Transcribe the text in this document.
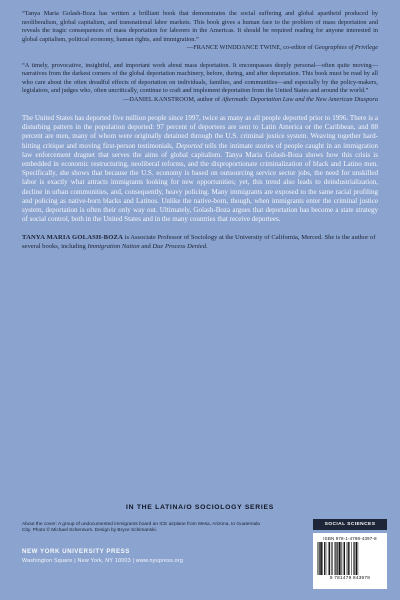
“Tanya Maria Golash-Boza has written a brilliant book that demonstrates the social suffering and global apartheid produced by neoliberalism, global capitalism, and transnational labor markets. This book gives a human face to the problem of mass deportation and reveals the tragic consequences of mass deportation for laborers in the Americas. It should be required reading for anyone interested in global capitalism, political economy, human rights, and immigration.”

—FRANCE WINDDANCE TWINE, co-editor of Geographies of Privilege

“A timely, provocative, insightful, and important work about mass deportation. It encompasses deeply personal—often quite moving—narratives from the darkest corners of the global deportation machinery, before, during, and after deportation. This book must be read by all who care about the often dreadful effects of deportation on individuals, families, and communities—and especially by the policy-makers, legislators, and judges who, often uncritically, continue to craft and implement deportation from the United States and around the world.”

—DANIEL KANSTROOM, author of Aftermath: Deportation Law and the New American Diaspora

The United States has deported five million people since 1997, twice as many as all people deported prior to 1996. There is a disturbing pattern in the population deported: 97 percent of deportees are sent to Latin America or the Caribbean, and 88 percent are men, many of whom were originally detained through the U.S. criminal justice system. Weaving together hard-hitting critique and moving first-person testimonials, Deported tells the intimate stories of people caught in an immigration law enforcement dragnet that serves the aims of global capitalism. Tanya Maria Golash-Boza shows how this crisis is embedded in economic restructuring, neoliberal reforms, and the disproportionate criminalization of black and Latino men. Specifically, she shows that because the U.S. economy is based on outsourcing service sector jobs, the need for unskilled labor is exactly what attracts immigrants looking for new opportunities; yet, this trend also leads to deindustrialization, decline in urban communities, and, consequently, heavy policing. Many immigrants are exposed to the same racial profiling and policing as native-born blacks and Latinos. Unlike the native-born, though, when immigrants enter the criminal justice system, deportation is often their only way out. Ultimately, Golash-Boza argues that deportation has become a state strategy of social control, both in the United States and in the many countries that receive deportees.

TANYA MARIA GOLASH-BOZA is Associate Professor of Sociology at the University of California, Merced. She is the author of several books, including Immigration Nation and Due Process Denied.

IN THE LATINA/O SOCIOLOGY SERIES
About the cover: A group of undocumented immigrants board an ICE airplane from Mesa, Arizona, to Guatemala City. Photo © Michael Schennum. Design by Bryce Schimanski.
NEW YORK UNIVERSITY PRESS
Washington Square | New York, NY 10003 | www.nyupress.org
SOCIAL SCIENCES
ISBN 978-1-4798-4397-8
9 781479 843978
